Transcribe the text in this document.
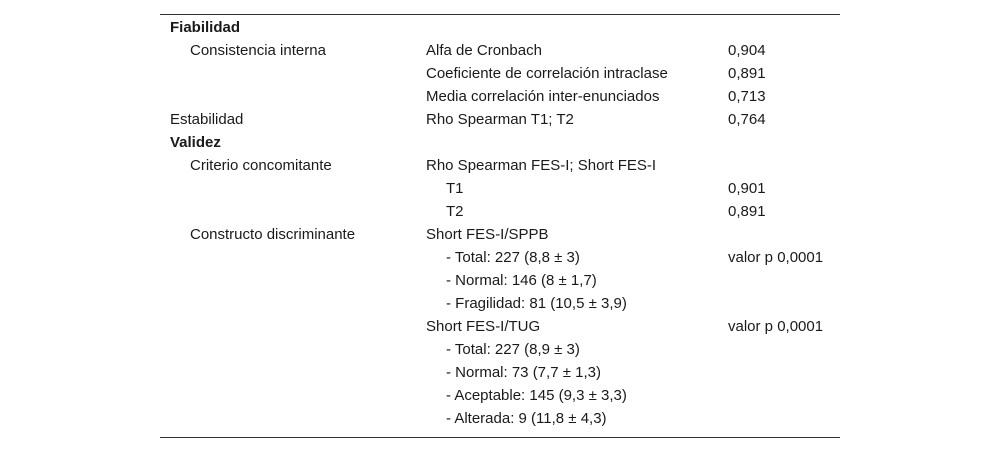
Fiabilidad		
Consistencia interna	Alfa de Cronbach	0,904
	Coeficiente de correlación intraclase	0,891
	Media correlación inter-enunciados	0,713
Estabilidad	Rho Spearman T1; T2	0,764
Validez		
Criterio concomitante	Rho Spearman FES-I; Short FES-I	
	T1	0,901
	T2	0,891
Constructo discriminante	Short FES-I/SPPB	
	- Total: 227 (8,8 ± 3)	valor p 0,0001
	- Normal: 146 (8 ± 1,7)	
	- Fragilidad: 81 (10,5 ± 3,9)	
	Short FES-I/TUG	valor p 0,0001
	- Total: 227 (8,9 ± 3)	
	- Normal: 73 (7,7 ± 1,3)	
	- Aceptable: 145 (9,3 ± 3,3)	
	- Alterada: 9 (11,8 ± 4,3)	
